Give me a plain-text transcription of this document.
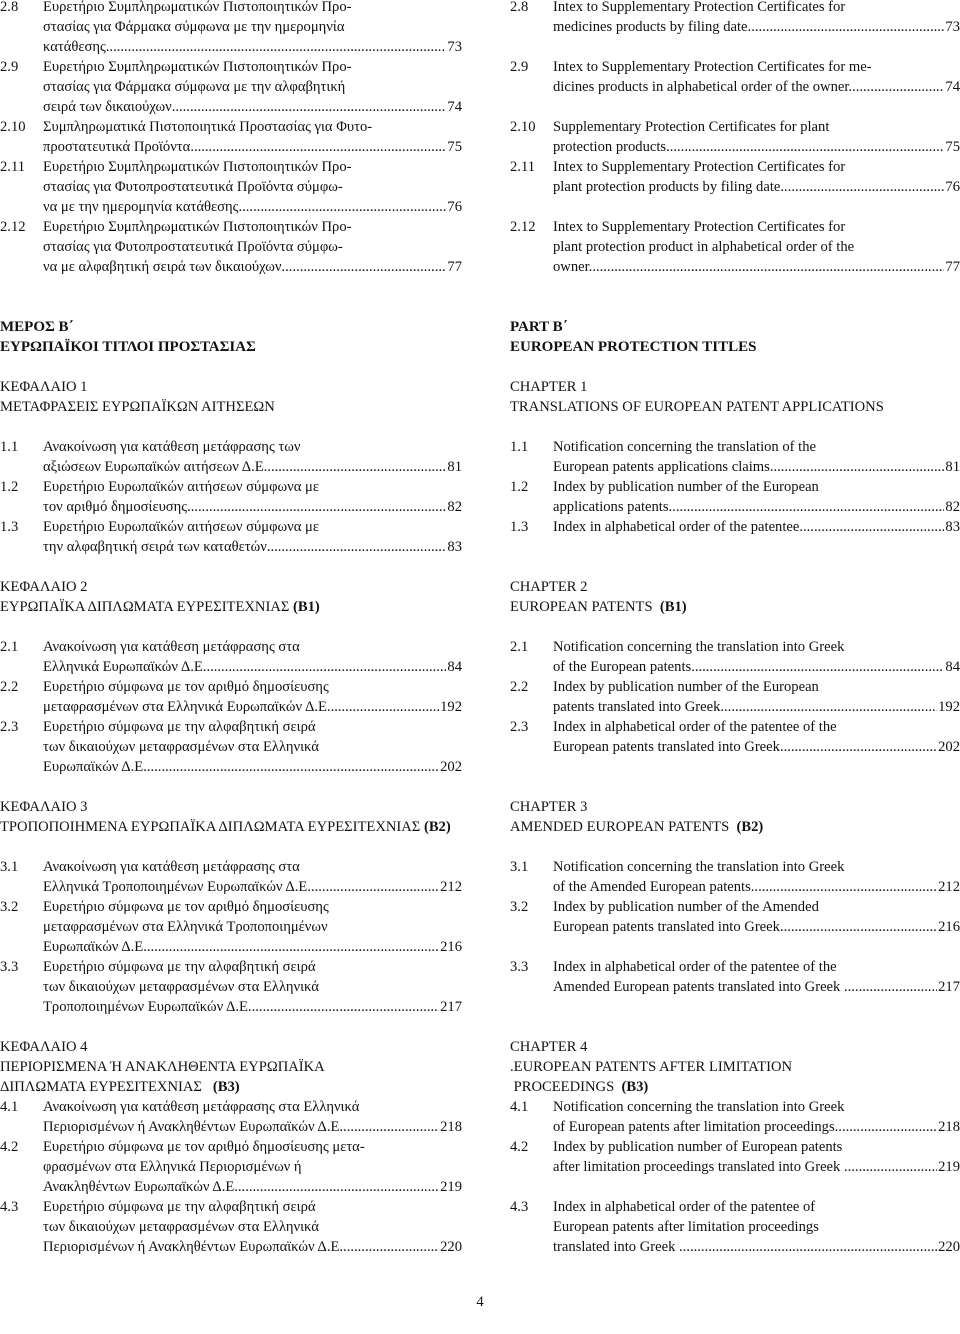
2.8 Ευρετήριο Συμπληρωματικών Πιστοποιητικών Προ-
στασίας για Φάρμακα σύμφωνα με την ημερομηνία
κατάθεσης .....	73
2.9 Ευρετήριο Συμπληρωματικών Πιστοποιητικών Προ-
στασίας για Φάρμακα σύμφωνα με την αλφαβητική
σειρά των δικαιούχων .....	74
2.10 Συμπληρωματικά Πιστοποιητικά Προστασίας για Φυτο-
προστατευτικά Προϊόντα .....	75
2.11 Ευρετήριο Συμπληρωματικών Πιστοποιητικών Προ-
στασίας για Φυτοπροστατευτικά Προϊόντα σύμφω-
να με την ημερομηνία κατάθεσης .....	76
2.12 Ευρετήριο Συμπληρωματικών Πιστοποιητικών Προ-
στασίας για Φυτοπροστατευτικά Προϊόντα σύμφω-
να με αλφαβητική σειρά των δικαιούχων .....	77
ΜΕΡΟΣ Β΄
ΕΥΡΩΠΑΪΚΟΙ ΤΙΤΛΟΙ ΠΡΟΣΤΑΣΙΑΣ
ΚΕΦΑΛΑΙΟ 1
ΜΕΤΑΦΡΑΣΕΙΣ ΕΥΡΩΠΑΪΚΩΝ ΑΙΤΗΣΕΩΝ
1.1 Ανακοίνωση για κατάθεση μετάφρασης των
αξιώσεων Ευρωπαϊκών αιτήσεων Δ.Ε. .....	81
1.2 Ευρετήριο Ευρωπαϊκών αιτήσεων σύμφωνα με
τον αριθμό δημοσίευσης .....	82
1.3 Ευρετήριο Ευρωπαϊκών αιτήσεων σύμφωνα με
την αλφαβητική σειρά των καταθετών .....	83
ΚΕΦΑΛΑΙΟ 2
ΕΥΡΩΠΑΪΚΑ ΔΙΠΛΩΜΑΤΑ ΕΥΡΕΣΙΤΕΧΝΙΑΣ (Β1)
2.1 Ανακοίνωση για κατάθεση μετάφρασης στα
Ελληνικά Ευρωπαϊκών Δ.Ε. .....	84
2.2 Ευρετήριο σύμφωνα με τον αριθμό δημοσίευσης
μεταφρασμένων στα Ελληνικά Ευρωπαϊκών Δ.Ε. .....	192
2.3 Ευρετήριο σύμφωνα με την αλφαβητική σειρά
των δικαιούχων μεταφρασμένων στα Ελληνικά
Ευρωπαϊκών Δ.Ε. .....	202
ΚΕΦΑΛΑΙΟ 3
ΤΡΟΠΟΠΟΙΗΜΕΝΑ ΕΥΡΩΠΑΪΚΑ ΔΙΠΛΩΜΑΤΑ ΕΥΡΕΣΙΤΕΧΝΙΑΣ (Β2)
3.1 Ανακοίνωση για κατάθεση μετάφρασης στα
Ελληνικά Τροποποιημένων Ευρωπαϊκών Δ.Ε. .....	212
3.2 Ευρετήριο σύμφωνα με τον αριθμό δημοσίευσης
μεταφρασμένων στα Ελληνικά Τροποποιημένων
Ευρωπαϊκών Δ.Ε. .....	216
3.3 Ευρετήριο σύμφωνα με την αλφαβητική σειρά
των δικαιούχων μεταφρασμένων στα Ελληνικά
Τροποποιημένων Ευρωπαϊκών Δ.Ε. .....	217
ΚΕΦΑΛΑΙΟ 4
ΠΕΡΙΟΡΙΣΜΕΝΑ Ή ΑΝΑΚΛΗΘΕΝΤΑ ΕΥΡΩΠΑΪΚΑ
ΔΙΠΛΩΜΑΤΑ ΕΥΡΕΣΙΤΕΧΝΙΑΣ   (Β3)
4.1 Ανακοίνωση για κατάθεση μετάφρασης στα Ελληνικά
Περιορισμένων ή Ανακληθέντων Ευρωπαϊκών Δ.Ε. .....	218
4.2 Ευρετήριο σύμφωνα με τον αριθμό δημοσίευσης μετα-
φρασμένων στα Ελληνικά Περιορισμένων ή
Ανακληθέντων Ευρωπαϊκών Δ.Ε. .....	219
4.3 Ευρετήριο σύμφωνα με την αλφαβητική σειρά
των δικαιούχων μεταφρασμένων στα Ελληνικά
Περιορισμένων ή Ανακληθέντων Ευρωπαϊκών Δ.Ε. .....	220
2.8 Intex to Supplementary Protection Certificates for
medicines products by filing date .....	73
2.9 Intex to Supplementary Protection Certificates for me-
dicines products in alphabetical order of the owner .....	74
2.10 Supplementary Protection Certificates for plant
protection products .....	75
2.11 Intex to Supplementary Protection Certificates for
plant protection products by filing date .....	76
2.12 Intex to Supplementary Protection Certificates for
plant protection product in alphabetical order of the
owner .....	77
PART B΄
EUROPEAN PROTECTION TITLES
CHAPTER 1
TRANSLATIONS OF EUROPEAN PATENT APPLICATIONS
1.1 Notification concerning the translation of the
European patents applications claims .....	81
1.2 Index by publication number of the European
applications patents .....	82
1.3 Index in alphabetical order of the patentee .....	83
CHAPTER 2
EUROPEAN PATENTS  (B1)
2.1 Notification concerning the translation into Greek
of the European patents .....	84
2.2 Index by publication number of the European
patents translated into Greek .....	192
2.3 Index in alphabetical order of the patentee of the
European patents translated into Greek .....	202
CHAPTER 3
AMENDED EUROPEAN PATENTS  (B2)
3.1 Notification concerning the translation into Greek
of the Amended European patents .....	212
3.2 Index by publication number of the Amended
European patents translated into Greek .....	216
3.3 Index in alphabetical order of the patentee of the
Amended European patents translated into Greek .....	217
CHAPTER 4
.EUROPEAN PATENTS AFTER LIMITATION
PROCEEDINGS  (B3)
4.1 Notification concerning the translation into Greek
of European patents after limitation proceedings .....	218
4.2 Index by publication number of European patents
after limitation proceedings translated into Greek .....	219
4.3 Index in alphabetical order of the patentee of
European patents after limitation proceedings
translated into Greek .....	220
4
